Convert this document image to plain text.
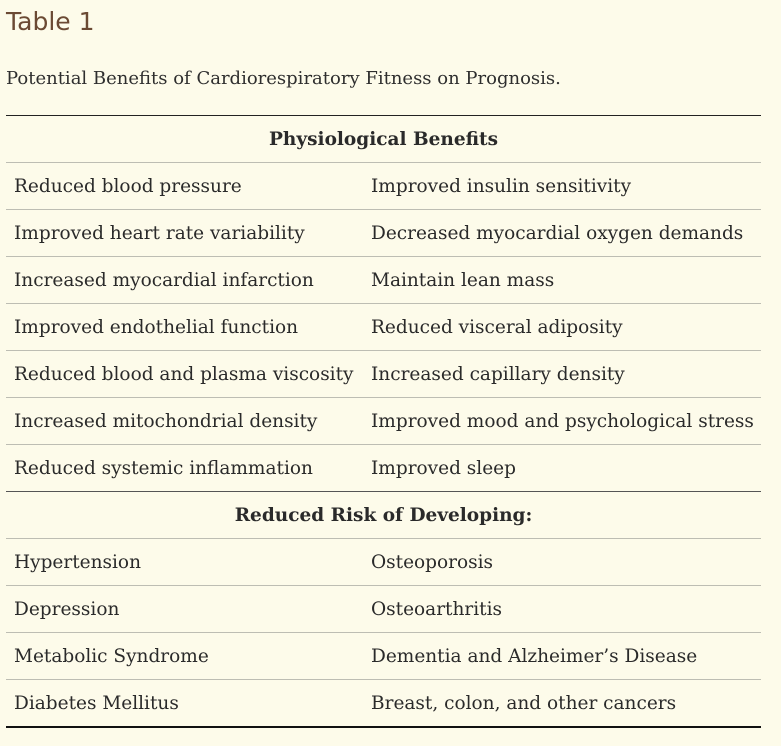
Table 1

Potential Benefits of Cardiorespiratory Fitness on Prognosis.

Physiological Benefits	
Reduced blood pressure	Improved insulin sensitivity
Improved heart rate variability	Decreased myocardial oxygen demands
Increased myocardial infarction	Maintain lean mass
Improved endothelial function	Reduced visceral adiposity
Reduced blood and plasma viscosity	Increased capillary density
Increased mitochondrial density	Improved mood and psychological stress
Reduced systemic inflammation	Improved sleep
Reduced Risk of Developing:	
Hypertension	Osteoporosis
Depression	Osteoarthritis
Metabolic Syndrome	Dementia and Alzheimer’s Disease
Diabetes Mellitus	Breast, colon, and other cancers
